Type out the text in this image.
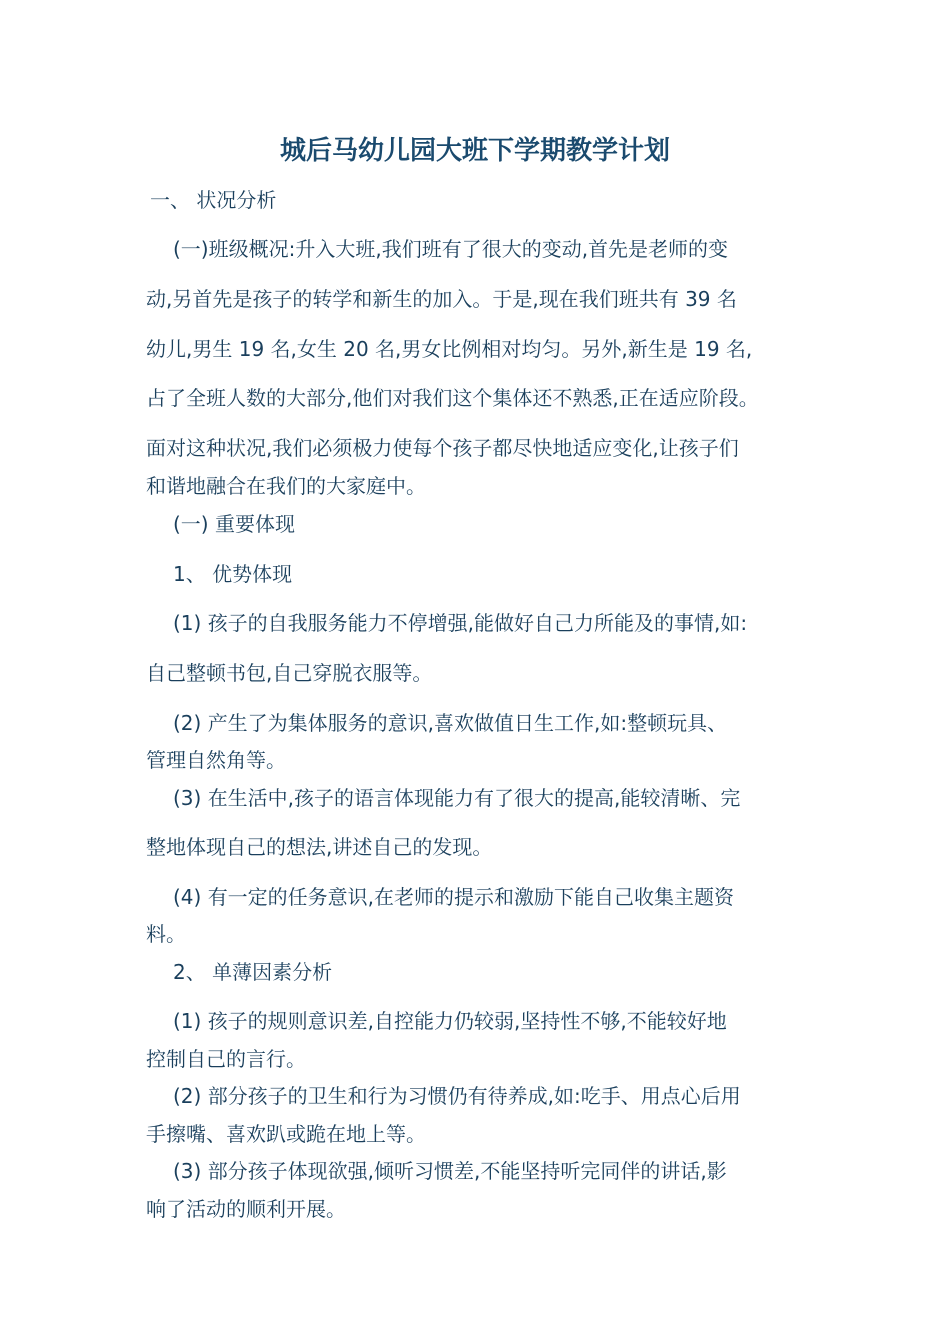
城后马幼儿园大班下学期教学计划
一、 状况分析
(一)班级概况:升入大班,我们班有了很大的变动,首先是老师的变
动,另首先是孩子的转学和新生的加入。于是,现在我们班共有 39 名
幼儿,男生 19 名,女生 20 名,男女比例相对均匀。另外,新生是 19 名,
占了全班人数的大部分,他们对我们这个集体还不熟悉,正在适应阶段。
面对这种状况,我们必须极力使每个孩子都尽快地适应变化,让孩子们
和谐地融合在我们的大家庭中。
(一) 重要体现
1、 优势体现
(1) 孩子的自我服务能力不停增强,能做好自己力所能及的事情,如:
自己整顿书包,自己穿脱衣服等。
(2) 产生了为集体服务的意识,喜欢做值日生工作,如:整顿玩具、
管理自然角等。
(3) 在生活中,孩子的语言体现能力有了很大的提高,能较清晰、完
整地体现自己的想法,讲述自己的发现。
(4) 有一定的任务意识,在老师的提示和激励下能自己收集主题资
料。
2、 单薄因素分析
(1) 孩子的规则意识差,自控能力仍较弱,坚持性不够,不能较好地
控制自己的言行。
(2) 部分孩子的卫生和行为习惯仍有待养成,如:吃手、用点心后用
手擦嘴、喜欢趴或跪在地上等。
(3) 部分孩子体现欲强,倾听习惯差,不能坚持听完同伴的讲话,影
响了活动的顺利开展。
